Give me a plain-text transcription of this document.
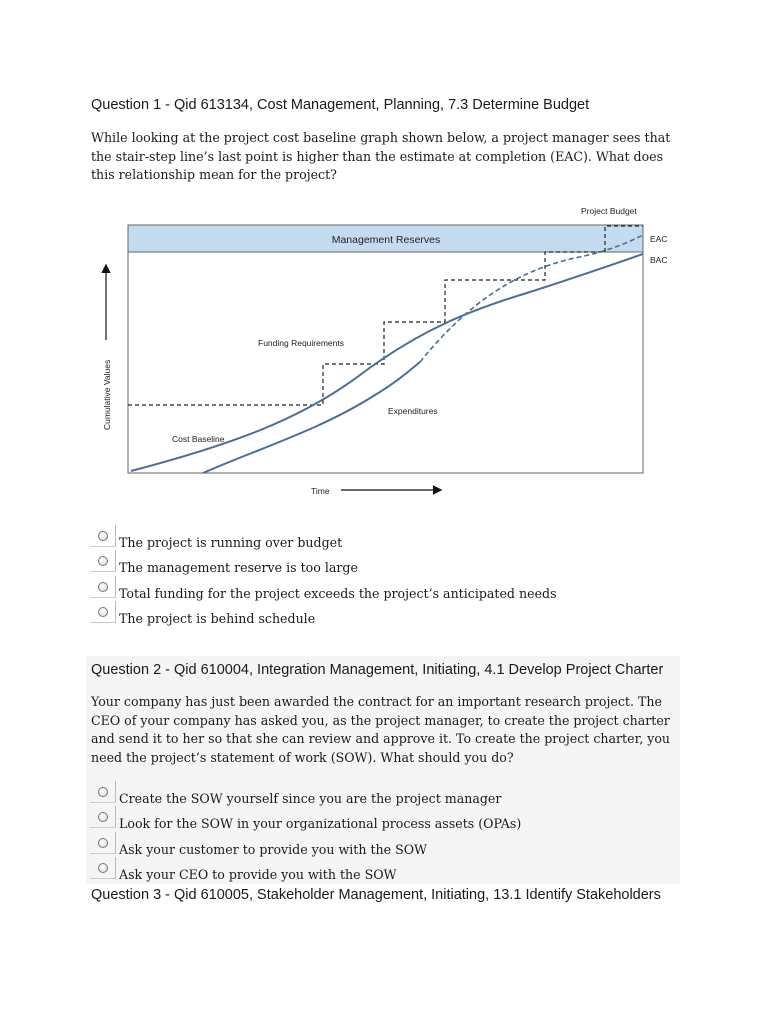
Question 1 - Qid 613134, Cost Management, Planning, 7.3 Determine Budget

While looking at the project cost baseline graph shown below, a project manager sees that

the stair-step line’s last point is higher than the estimate at completion (EAC). What does

this relationship mean for the project?

Project Budget
Management Reserves	EAC
BAC
Funding Requirements
Expenditures
Cost Baseline
Cumulative Values
Time
The project is running over budget
The management reserve is too large
Total funding for the project exceeds the project’s anticipated needs
The project is behind schedule
Question 2 - Qid 610004, Integration Management, Initiating, 4.1 Develop Project Charter

Your company has just been awarded the contract for an important research project. The

CEO of your company has asked you, as the project manager, to create the project charter

and send it to her so that she can review and approve it. To create the project charter, you

need the project’s statement of work (SOW). What should you do?

Create the SOW yourself since you are the project manager
Look for the SOW in your organizational process assets (OPAs)
Ask your customer to provide you with the SOW
Ask your CEO to provide you with the SOW
Question 3 - Qid 610005, Stakeholder Management, Initiating, 13.1 Identify Stakeholders
